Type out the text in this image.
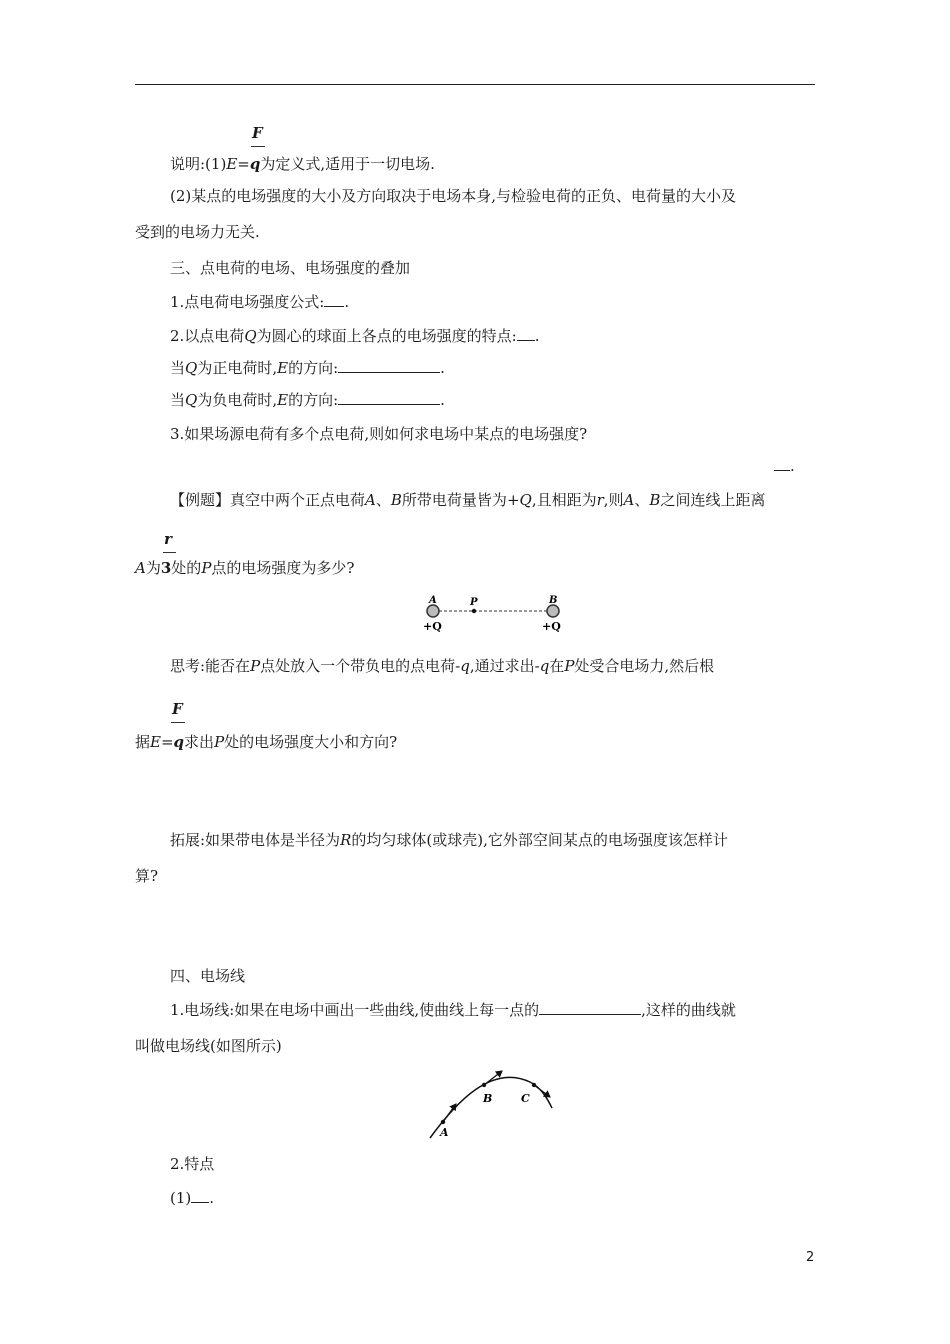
F
说明:(1)E=q为定义式,适用于一切电场.
(2)某点的电场强度的大小及方向取决于电场本身,与检验电荷的正负、电荷量的大小及
受到的电场力无关.
三、点电荷的电场、电场强度的叠加
1.点电荷电场强度公式: .
2.以点电荷Q为圆心的球面上各点的电场强度的特点: .
当Q为正电荷时,E的方向:	.
当Q为负电荷时,E的方向:	.
3.如果场源电荷有多个点电荷,则如何求电场中某点的电场强度?
.
【例题】真空中两个正点电荷A、B所带电荷量皆为+Q,且相距为r,则A、B之间连线上距离
r
A为3处的P点的电场强度为多少?
A	P	B
+Q	+Q
思考:能否在P点处放入一个带负电的点电荷-q,通过求出-q在P处受合电场力,然后根
F
据E=q求出P处的电场强度大小和方向?
拓展:如果带电体是半径为R的均匀球体(或球壳),它外部空间某点的电场强度该怎样计
算?
四、电场线
1.电场线:如果在电场中画出一些曲线,使曲线上每一点的	,这样的曲线就
叫做电场线(如图所示)
A
B	C
2.特点
(1) .
2
